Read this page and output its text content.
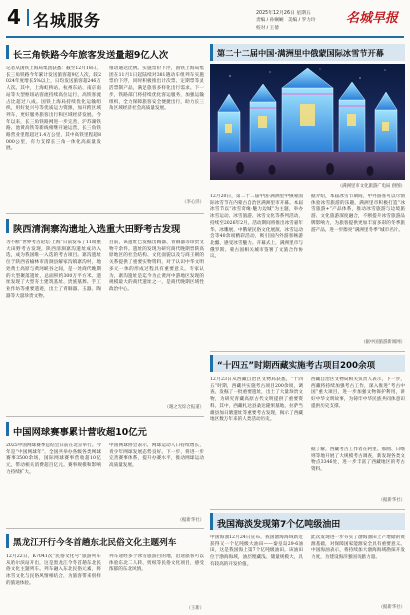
4 名城服务	2025年12月26日 星期五
责编 / 孙娴娴　美编 / 罗力玲
校对 / 王倩
名城早报
长三角铁路今年旅客发送量超9亿人次
记者从国铁上海局集团获悉：截至12月18日，长三角铁路今年累计发送旅客超9亿人次，较2024年度增长5%以上，日均发送旅客超246万人次。其中，上海虹桥站、杭州东站、南京南站等大型枢纽站客流持续高位运行，高铁客流占比超过八成。国铁上海局持续优化运输组织，用好复兴号等优质运力资源，加开跨区域列车，更好服务旅客出行和区域经济发展。今年以来，长三角铁路网进一步完善，沪苏湖铁路、池黄高铁等新线相继开通运营，长三角铁路营业里程超过1.4万公里，其中高铁里程超8000公里，有力支撑长三角一体化高质量发展。
推动通达比例。实施票价下浮，国铁上海局集团在11月1日起陆续对381趟动车组列车实施票价下浮，同时积极推出计次票、定期票等灵活票制产品，满足旅客多样化出行需求。下一步，铁路部门将持续优化客运服务，加强运输组织，全力保障旅客安全便捷出行，助力长三角区域经济社会高质量发展。
（李心洋）
陕西清涧寨沟遗址入选重大田野考古发现
为不断“世界考古论坛·上海”日前发布了11项重大田野考古发现，陕西清涧寨沟遗址成功入选，成为我国唯一入选的考古项目。寨沟遗址位于陕西省榆林市清涧县解家沟镇寨沟村，地处黄土高原与黄河峡谷之间，是一处商代晚期的大型聚落遗址，总面积约300万平方米。遗址发现了大型夯土建筑基址、贵族墓葬、手工业作坊等重要遗迹，出土了青铜器、玉器、陶器等大量珍贵文物。
目前，该遗址已发掘出陶器、青铜器等珍贵文物千余件。遗址的发现为研究商代晚期晋陕高原地区的社会结构、文化面貌以及与商王朝的关系提供了重要实物资料，对于认识中华文明多元一体的形成过程具有重要意义。专家认为，寨沟遗址是迄今为止黄河中游地区发现的规模最大的商代遗址之一，是商代晚期区域性政治中心。
（谢之光综合报道）
中国网球赛事累计营收超10亿元
2025中国网球赛季总结会日前在北京举行。今年是“中国网球年”，全国共举办各级各类网球赛事3500余场，国际网球赛事营收超10亿元，带动相关消费超百亿元。赛事规模和影响力持续扩大。
中国网球协会表示，网球运动人口持续增长，青少年网球发展态势良好。下一步，将进一步完善赛事体系，提升办赛水平，推动网球运动高质量发展。
（据新华社）
黑龙江开行今冬首趟东北民俗文化主题列车
12月22日，K7041次“民俗文化号”旅游列车从哈尔滨站开出，这是黑龙江今冬首趟东北民俗文化主题列车。列车融入东北民俗元素，将冰雪文化与民俗风情相结合，为旅客带来别样的旅途体验。
列车途经多个冰雪旅游目的地，沿途旅客可以体验东北二人转、剪纸等民俗文化项目，感受浓郁的东北风情。
（王新）
第二十二届中国·满洲里中俄蒙国际冰雪节开幕
（满洲里市文化旅游广电局 供图）
12月20日，第二十二届中国·满洲里中俄蒙国际冰雪节在内蒙古自治区满洲里市开幕。本届冰雪节以“冰雪奇缘·魅力边城”为主题，举办冰雪运动、冰雪旅游、冰雪文化等系列活动，持续至2026年2月。活动期间将推出冰雪嘉年华、冰雕展、中俄蒙民俗文化展演、冰雪运动会等40余项精彩活动，吸引国内外游客畅游北疆、感受冰雪魅力。开幕式上，满洲里市与俄罗斯、蒙古国相关城市签署了文旅合作协议。
据介绍，本届冰雪节期间，中外游客可以尽情体验冰雪旅游的乐趣。满洲里市积极打造“冰雪旅游+”产品体系，推动冰雪旅游与边境旅游、文化旅游深度融合，不断提升冰雪旅游品牌影响力，为旅客提供更加丰富多彩的冬季旅游产品，进一步擦亮“满洲里冬季”城市名片。
（据中国旅游新闻网）
“十四五”时期西藏实施考古项目200余项
12月23日从西藏自治区文物局获悉，“十四五”时期，西藏共实施考古项目200余项，调查、发掘了一批重要遗址，出土了大量珍贵文物，为研究青藏高原古代文明提供了重要资料。其中，西藏札达县桑达隆果墓地、拉萨当雄县加日塘遗址等重要考古发现，揭示了西藏地区数万年来的人类活动历史。
西藏自治区文物局相关负责人表示，下一步，西藏将持续加强考古工作，深入推进“考古中国”重大项目，进一步加强文物保护利用，讲好中华文明故事，为铸牢中华民族共同体意识提供历史支撑。
据了解，西藏考古工作者在阿里、那曲、日喀则等地开展了大规模考古调查，新发现各类文物点3346处，进一步丰富了西藏地区的考古资料。
（据新华社）
我国海淡发现第7个亿吨级油田
中国海油12月24日宣布，我国渤海海域新近获得又一个亿吨级大油田——秦皇岛29-6油田，这是我国海上第7个亿吨级油田。该油田位于渤海海域，油层埋藏浅、储量规模大，具有较高的开发价值。
此次发现进一步夯实了渤海油田上产增储的资源基础，对保障国家能源安全具有重要意义。中国海油表示，将持续加大渤海海域勘探开发力度，为建设海洋强国贡献力量。
（据新华社）
